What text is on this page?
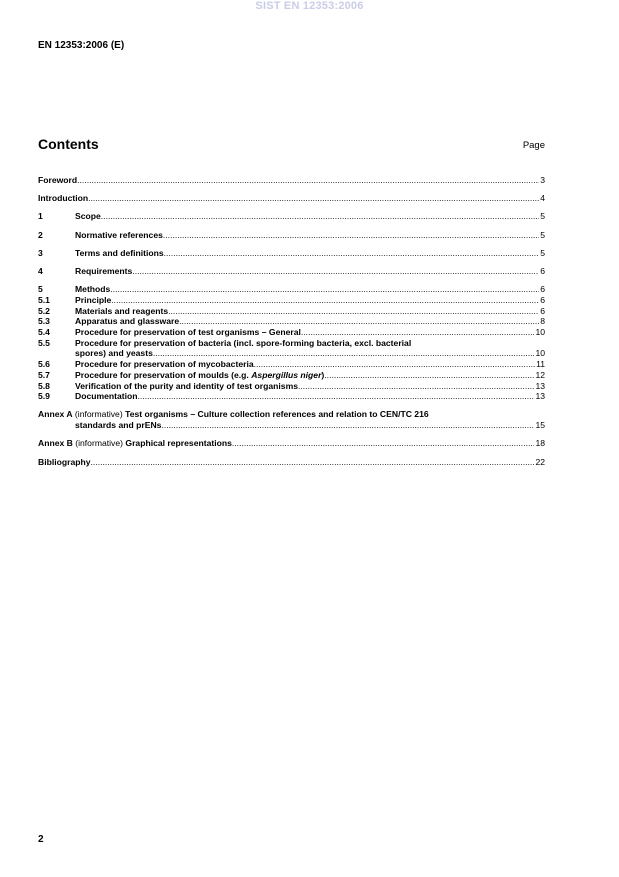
SIST EN 12353:2006
EN 12353:2006 (E)
Contents	Page
Foreword .....	3
Introduction .....	4
1	Scope .....	5
2	Normative references .....	5
3	Terms and definitions .....	5
4	Requirements .....	6
5	Methods .....	6
5.1	Principle .....	6
5.2	Materials and reagents .....	6
5.3	Apparatus and glassware .....	8
5.4	Procedure for preservation of test organisms – General .....	10
5.5	Procedure for preservation of bacteria (incl. spore-forming bacteria, excl. bacterial
spores) and yeasts .....	10
5.6	Procedure for preservation of mycobacteria .....	11
5.7	Procedure for preservation of moulds (e.g. Aspergillus niger) .....	12
5.8	Verification of the purity and identity of test organisms .....	13
5.9	Documentation .....	13
Annex A (informative) Test organisms – Culture collection references and relation to CEN/TC 216
standards and prENs .....	15
Annex B (informative) Graphical representations .....	18
Bibliography .....	22
2
